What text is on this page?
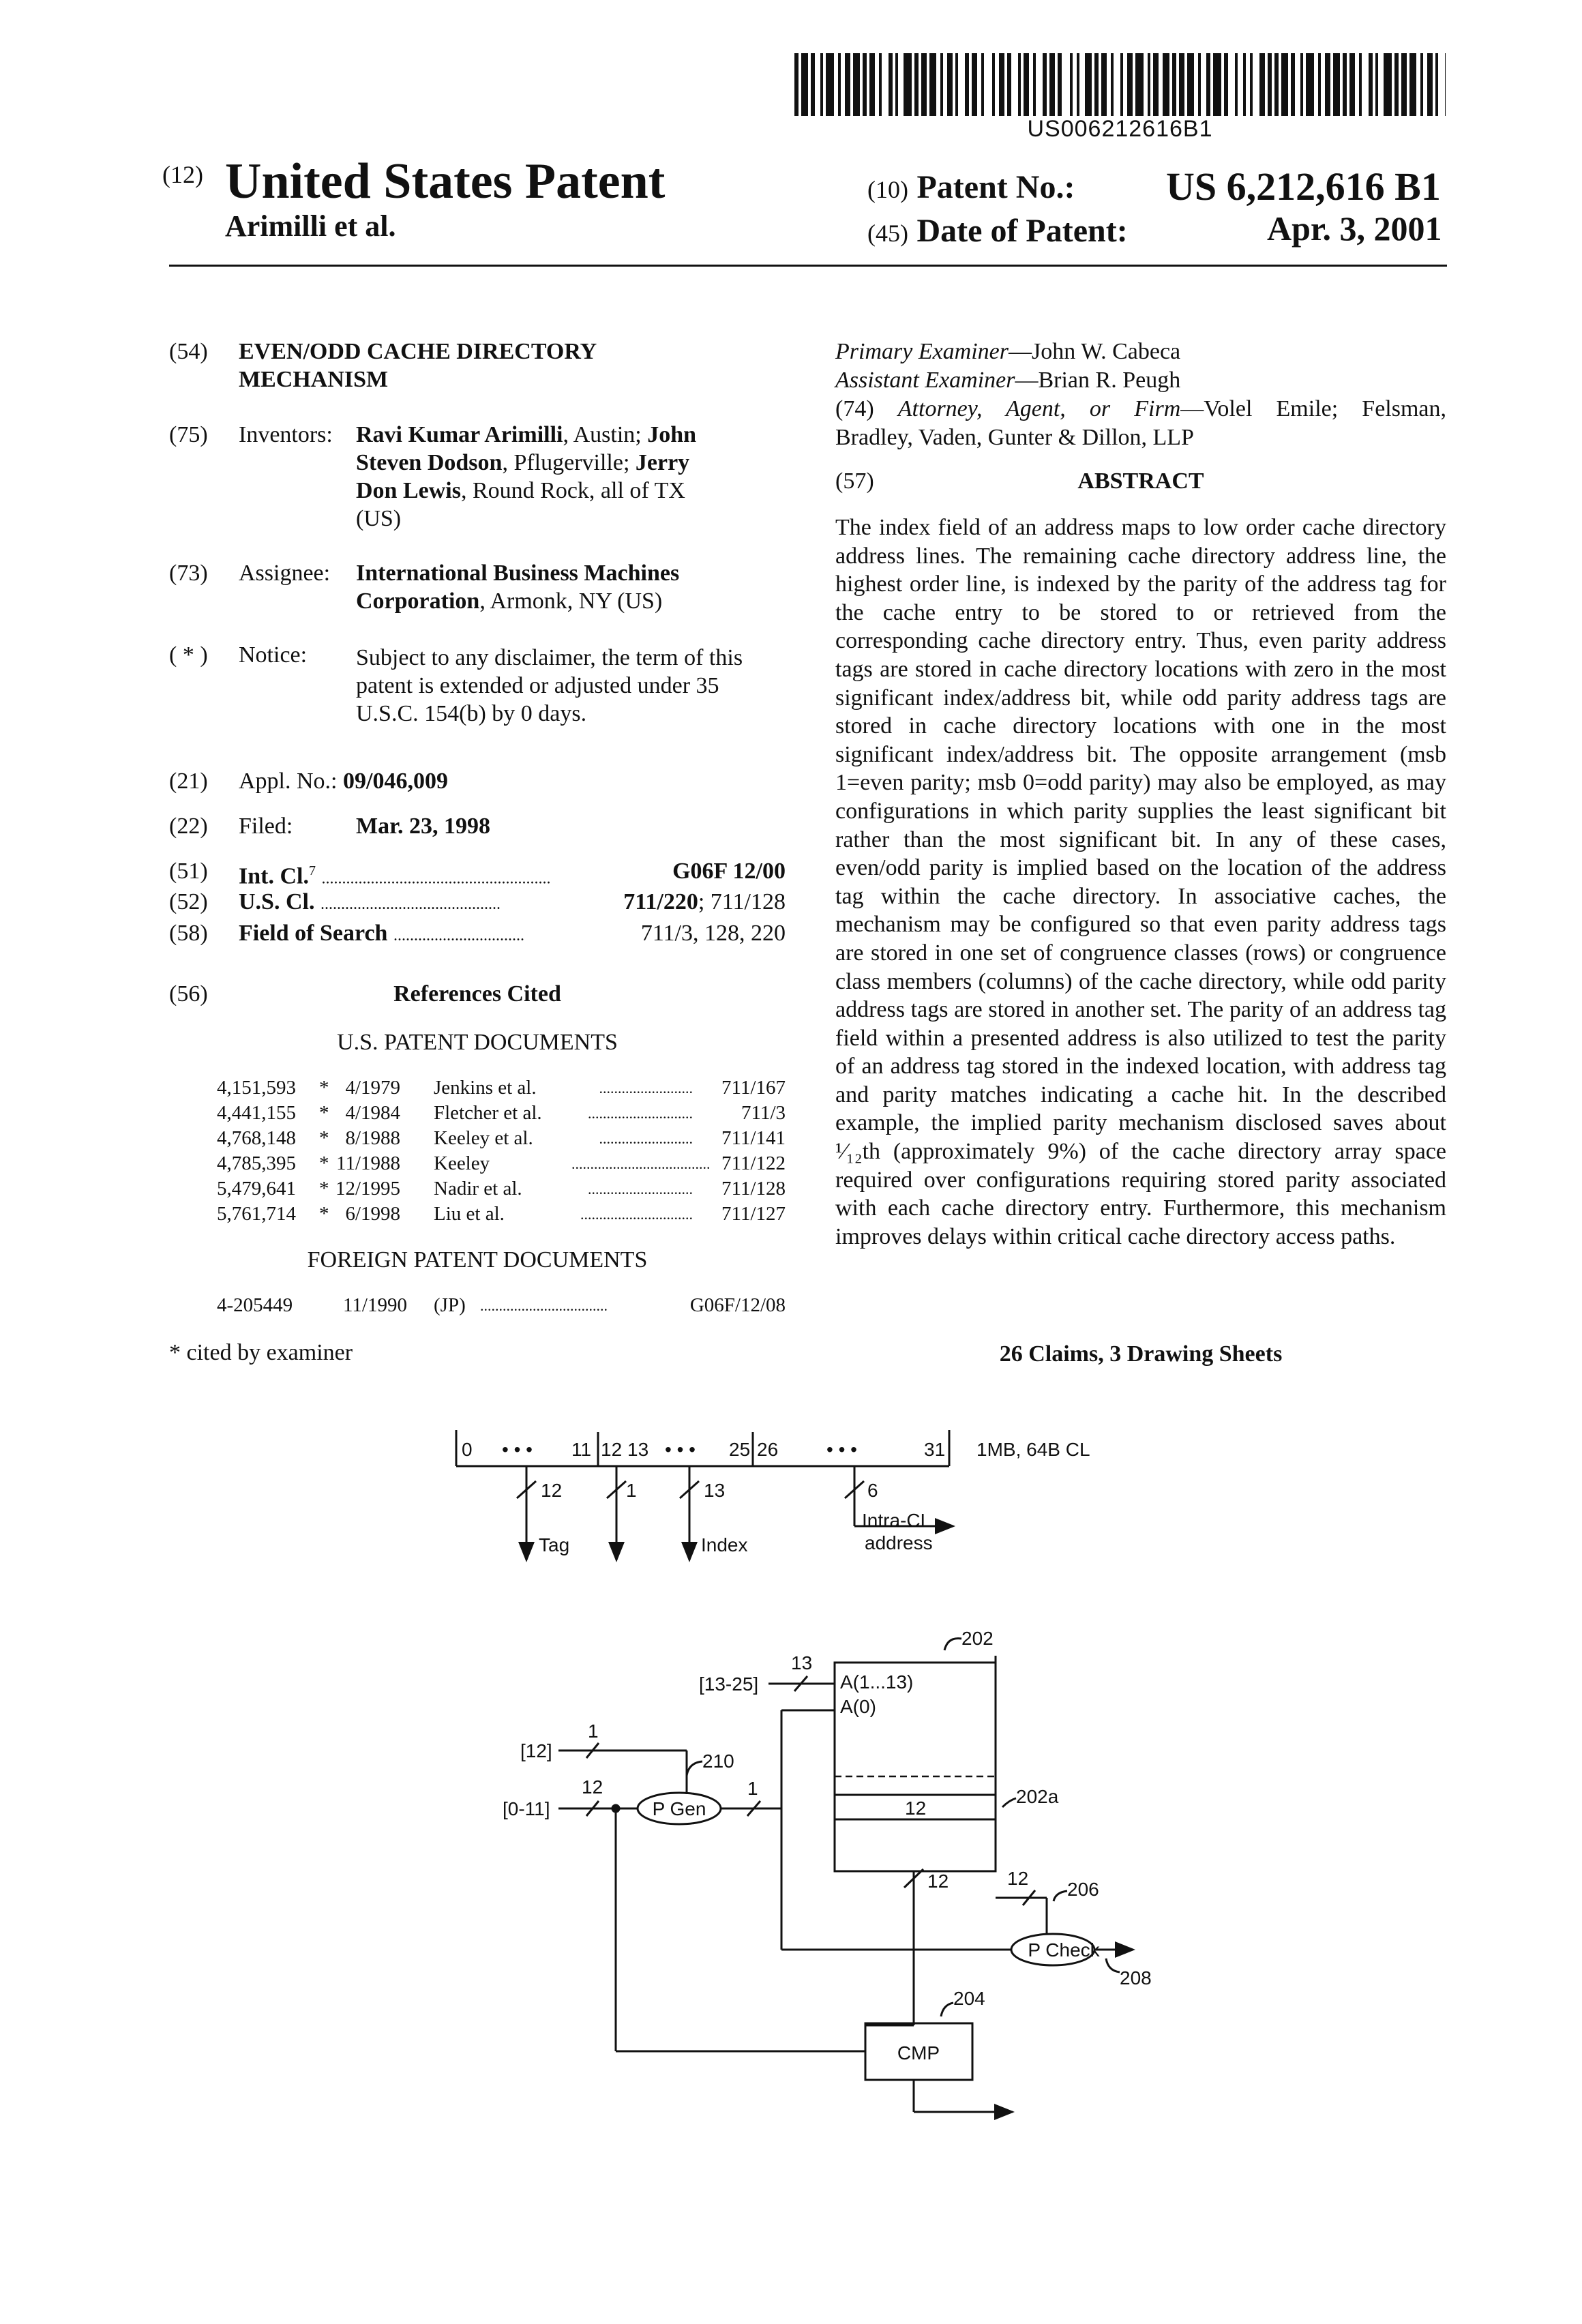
US006212616B1
(12) United States Patent
Arimilli et al.
(10) Patent No.: US 6,212,616 B1
(45) Date of Patent:	Apr. 3, 2001
(54) EVEN/ODD CACHE DIRECTORY
MECHANISM
(75) Inventors: Ravi Kumar Arimilli, Austin; John
Steven Dodson, Pflugerville; Jerry
Don Lewis, Round Rock, all of TX
(US)
(73) Assignee: International Business Machines
Corporation, Armonk, NY (US)
( * ) Notice: Subject to any disclaimer, the term of this
patent is extended or adjusted under 35
U.S.C. 154(b) by 0 days.
(21) Appl. No.: 09/046,009
(22) Filed:	Mar. 23, 1998
(51) Int. Cl.$^7$ ........................................................	G06F 12/00
(52) U.S. Cl. ............................................	711/220; 711/128
(58) Field of Search ................................	711/3, 128, 220
(56)	References Cited
U.S. PATENT DOCUMENTS
4,151,593	* 4/1979 Jenkins et al.	711/167
.........................
4,441,155	* 4/1984 Fletcher et al.	711/3
............................
4,768,148	* 8/1988 Keeley et al.	711/141
.........................
4,785,395	* 11/1988 Keeley	711/122
.....................................
5,479,641	* 12/1995 Nadir et al.	711/128
............................
5,761,714	* 6/1998 Liu et al.	711/127
..............................
FOREIGN PATENT DOCUMENTS
4-205449	11/1990	(JP)	G06F/12/08
..................................
* cited by examiner
Primary Examiner—John W. Cabeca
Assistant Examiner—Brian R. Peugh
(74) Attorney, Agent, or Firm—Volel Emile; Felsman,
Bradley, Vaden, Gunter & Dillon, LLP
(57)	ABSTRACT
The index field of an address maps to low order cache directory address lines. The remaining cache directory address line, the highest order line, is indexed by the parity of the address tag for the cache entry to be stored to or retrieved from the corresponding cache directory entry. Thus, even parity address tags are stored in cache directory locations with zero in the most significant index/address bit, while odd parity address tags are stored in cache directory locations with one in the most significant index/address bit. The opposite arrangement (msb 1=even parity; msb 0=odd parity) may also be employed, as may configurations in which parity supplies the least significant bit rather than the most significant bit. In any of these cases, even/odd parity is implied based on the location of the address tag within the cache directory. In associative caches, the mechanism may be configured so that even parity address tags are stored in one set of congruence classes (rows) or congruence class members (columns) of the cache directory, while odd parity address tags are stored in another set. The parity of an address tag field within a presented address is also utilized to test the parity of an address tag stored in the indexed location, with address tag and parity matches indicating a cache hit. In the described example, the implied parity mechanism disclosed saves about ¹⁄₁₂th (approximately 9%) of the cache directory array space required over configurations requiring stored parity associated with each cache directory entry. Furthermore, this mechanism improves delays within critical cache directory access paths.
26 Claims, 3 Drawing Sheets
0 • • • 11 12 13 • • • 25 26	• • •	31 1MB, 64B CL
12	1	13	6
Tag	Index
Intra-CL
address
202
202a
204
206
208
210
[13-25]
[12]
[0-11]
13
1
12	1
12	12
A(1...13)
A(0)
12
P Gen
P Check
CMP
